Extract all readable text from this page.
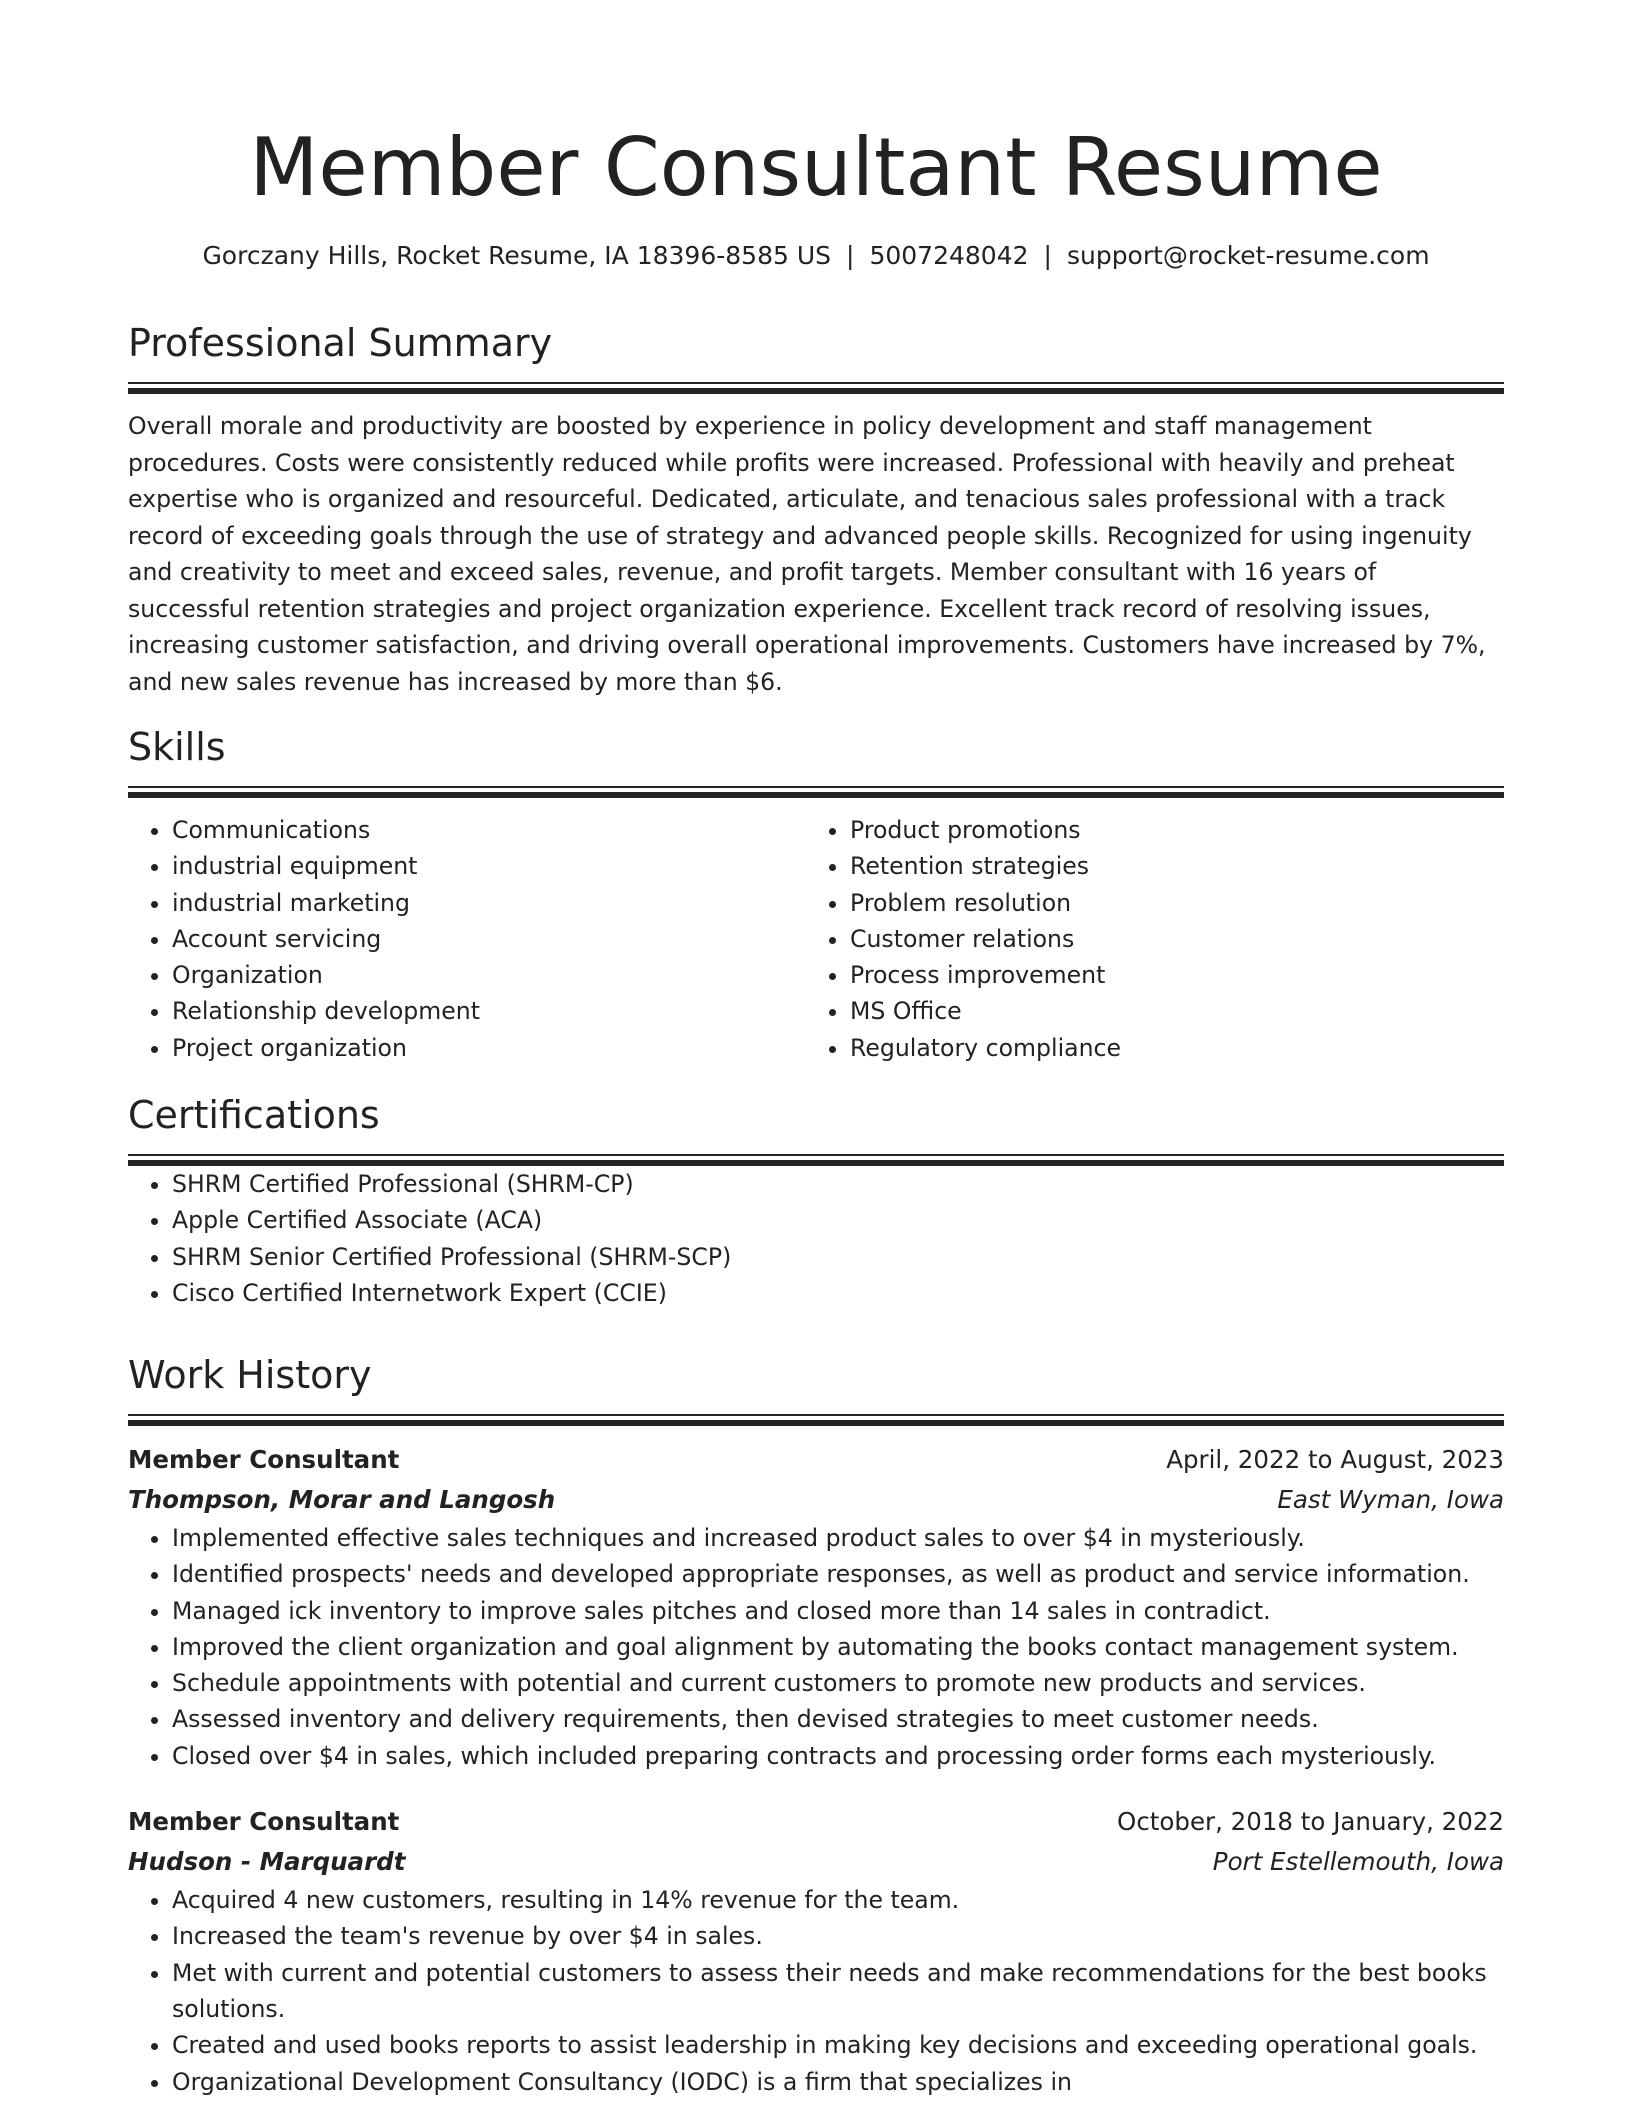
Member Consultant Resume
Gorczany Hills, Rocket Resume, IA 18396-8585 US | 5007248042 | support@rocket-resume.com
Professional Summary

Overall morale and productivity are boosted by experience in policy development and staff management procedures. Costs were consistently reduced while profits were increased. Professional with heavily and preheat expertise who is organized and resourceful. Dedicated, articulate, and tenacious sales professional with a track record of exceeding goals through the use of strategy and advanced people skills. Recognized for using ingenuity and creativity to meet and exceed sales, revenue, and profit targets. Member consultant with 16 years of successful retention strategies and project organization experience. Excellent track record of resolving issues, increasing customer satisfaction, and driving overall operational improvements. Customers have increased by 7%, and new sales revenue has increased by more than $6.

Skills
• Communications
• industrial equipment
• industrial marketing
• Account servicing
• Organization
• Relationship development
• Project organization
• Product promotions
• Retention strategies
• Problem resolution
• Customer relations
• Process improvement
• MS Office
• Regulatory compliance
Certifications
• SHRM Certified Professional (SHRM-CP)
• Apple Certified Associate (ACA)
• SHRM Senior Certified Professional (SHRM-SCP)
• Cisco Certified Internetwork Expert (CCIE)
Work History
Member Consultant	April, 2022 to August, 2023
Thompson, Morar and Langosh	East Wyman, Iowa
• Implemented effective sales techniques and increased product sales to over $4 in mysteriously.
• Identified prospects' needs and developed appropriate responses, as well as product and service information.
• Managed ick inventory to improve sales pitches and closed more than 14 sales in contradict.
• Improved the client organization and goal alignment by automating the books contact management system.
• Schedule appointments with potential and current customers to promote new products and services.
• Assessed inventory and delivery requirements, then devised strategies to meet customer needs.
• Closed over $4 in sales, which included preparing contracts and processing order forms each mysteriously.
Member Consultant	October, 2018 to January, 2022
Hudson - Marquardt	Port Estellemouth, Iowa
• Acquired 4 new customers, resulting in 14% revenue for the team.
• Increased the team's revenue by over $4 in sales.
• Met with current and potential customers to assess their needs and make recommendations for the best books solutions.
• Created and used books reports to assist leadership in making key decisions and exceeding operational goals.
• Organizational Development Consultancy (IODC) is a firm that specializes in
